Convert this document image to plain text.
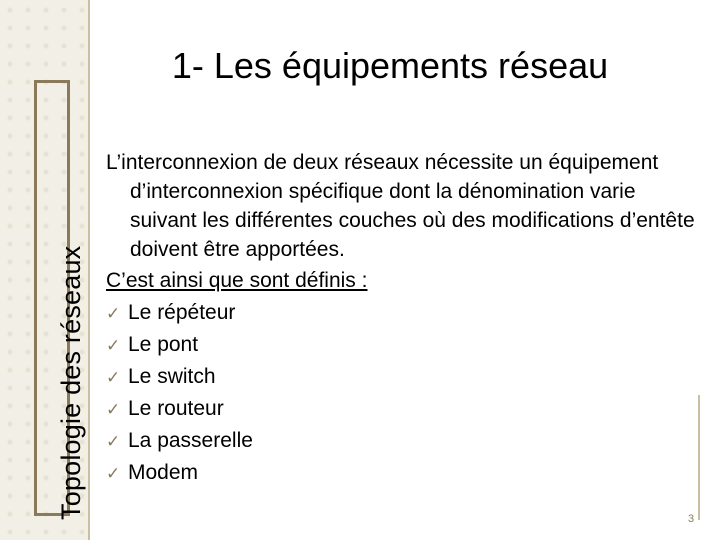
Topologie des réseaux
1- Les équipements réseau

L’interconnexion de deux réseaux nécessite un équipement d’interconnexion spécifique dont la dénomination varie suivant les différentes couches où des modifications d’entête doivent être apportées.

C’est ainsi que sont définis :

✓ Le répéteur
✓ Le pont
✓ Le switch
✓ Le routeur
✓ La passerelle
✓ Modem
3
